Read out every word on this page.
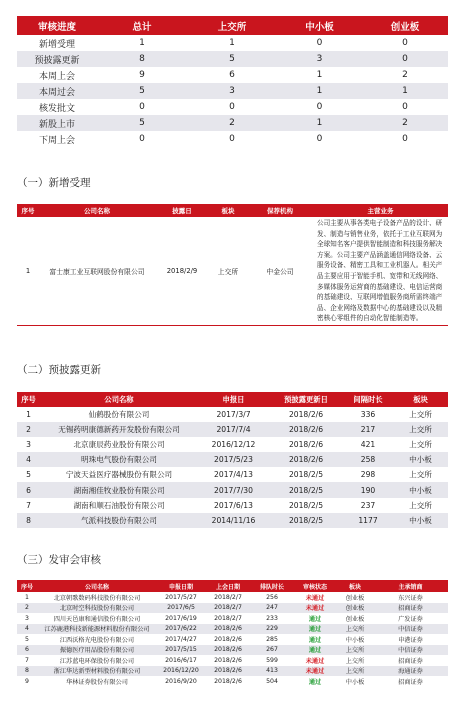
审核进度	总计	上交所	中小板	创业板
新增受理	1	1	0	0
预披露更新	8	5	3	0
本周上会	9	6	1	2
本周过会	5	3	1	1
核发批文	0	0	0	0
新股上市	5	2	1	2
下周上会	0	0	0	0
（一）新增受理
序号	公司名称	披露日	板块	保荐机构	主营业务
1	富士康工业互联网股份有限公司	2018/2/9	上交所	中金公司	公司主要从事各类电子设备产品的设计、研发、制造与销售业务，依托于工业互联网为全球知名客户提供智能制造和科技服务解决方案。公司主要产品涵盖通信网络设备、云服务设备、精密工具和工业机器人。相关产品主要应用于智能手机、宽带和无线网络、多媒体服务运营商的基础建设、电信运营商的基础建设、互联网增值服务商所需终端产品、企业网络及数据中心的基础建设以及精密核心零组件的自动化智能制造等。
（二）预披露更新
序号	公司名称	申报日	预披露更新日	间隔时长	板块
1	仙鹤股份有限公司	2017/3/7	2018/2/6	336	上交所
2	无锡药明康德新药开发股份有限公司	2017/7/4	2018/2/6	217	上交所
3	北京康辰药业股份有限公司	2016/12/12	2018/2/6	421	上交所
4	明珠电气股份有限公司	2017/5/23	2018/2/6	258	中小板
5	宁波天益医疗器械股份有限公司	2017/4/13	2018/2/5	298	上交所
6	湖南湘佳牧业股份有限公司	2017/7/30	2018/2/5	190	中小板
7	湖南和顺石油股份有限公司	2017/6/13	2018/2/5	237	上交所
8	气派科技股份有限公司	2014/11/16	2018/2/5	1177	中小板
（三）发审会审核
序号	公司名称	申报日期	上会日期	排队时长	审核状态	板块	主承销商
1	北京朝歌数码科技股份有限公司	2017/5/27	2018/2/7	256	未通过	创业板	东兴证券
2	北京时空科技股份有限公司	2017/6/5	2018/2/7	247	未通过	创业板	招商证券
3	四川天邑康和通信股份有限公司	2017/6/19	2018/2/7	233	通过	创业板	广发证券
4	江苏鹿港科技新能源材料股份有限公司	2017/6/22	2018/2/6	229	通过	上交所	中信证券
5	江西沃格光电股份有限公司	2017/4/27	2018/2/6	285	通过	中小板	申港证券
6	振德医疗用品股份有限公司	2017/5/15	2018/2/6	267	通过	上交所	中信证券
7	江苏蓝电环保股份有限公司	2016/6/17	2018/2/6	599	未通过	上交所	招商证券
8	浙江华达新型材料股份有限公司	2016/12/20	2018/2/6	413	未通过	上交所	海通证券
9	华林证券股份有限公司	2016/9/20	2018/2/6	504	通过	中小板	招商证券
